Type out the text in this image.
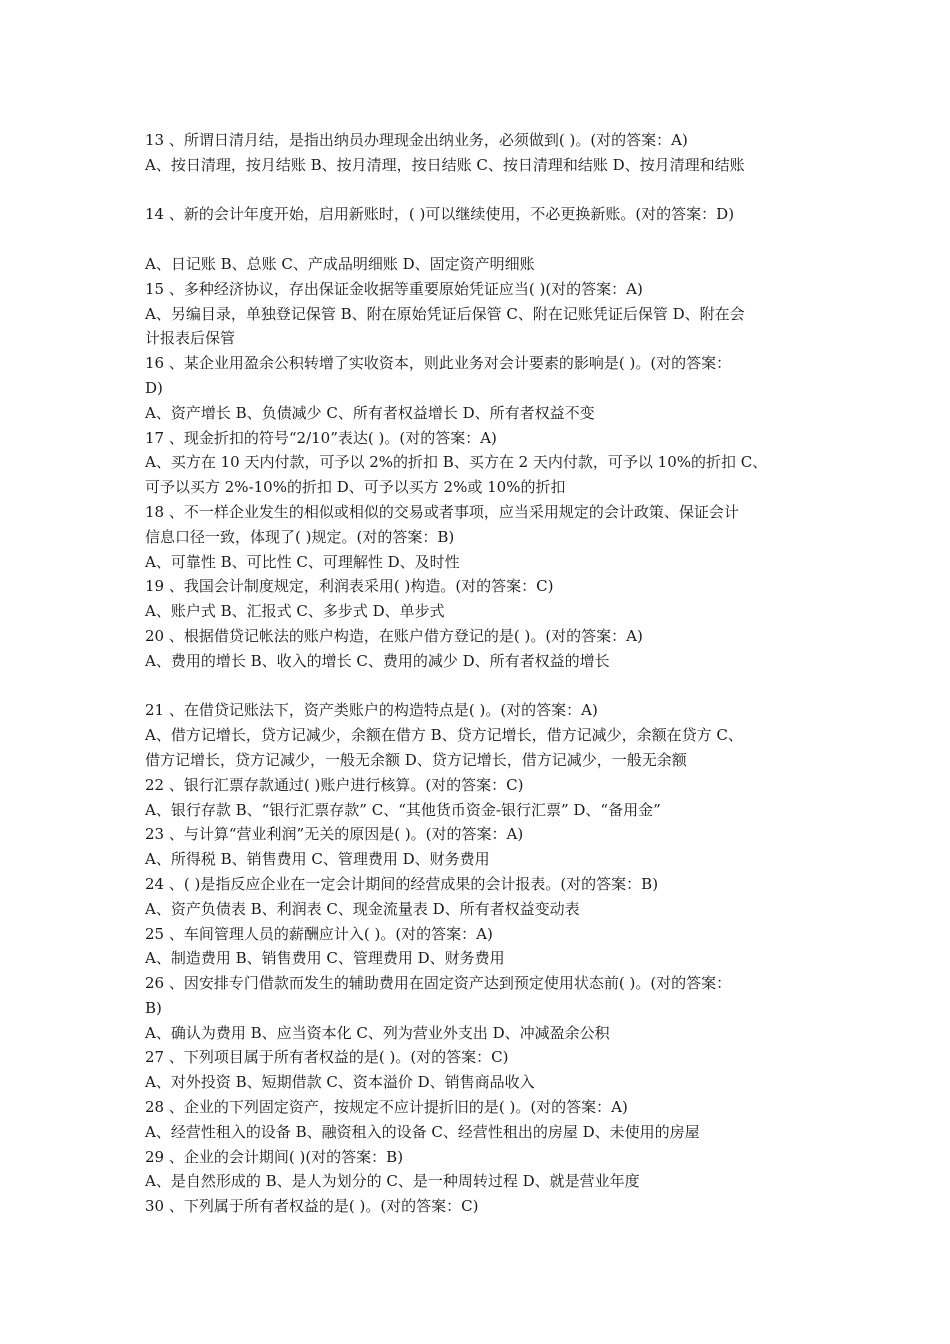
13 、所谓日清月结，是指出纳员办理现金出纳业务，必须做到( )。(对的答案：A)
A、按日清理，按月结账 B、按月清理，按日结账 C、按日清理和结账 D、按月清理和结账
14 、新的会计年度开始，启用新账时，( )可以继续使用，不必更换新账。(对的答案：D)
A、日记账 B、总账 C、产成品明细账 D、固定资产明细账
15 、多种经济协议，存出保证金收据等重要原始凭证应当( )(对的答案：A)
A、另编目录，单独登记保管 B、附在原始凭证后保管 C、附在记账凭证后保管 D、附在会
计报表后保管
16 、某企业用盈余公积转增了实收资本，则此业务对会计要素的影响是( )。(对的答案：
D)
A、资产增长 B、负债减少 C、所有者权益增长 D、所有者权益不变
17 、现金折扣的符号“2/10”表达( )。(对的答案：A)
A、买方在 10 天内付款，可予以 2%的折扣 B、买方在 2 天内付款，可予以 10%的折扣 C、
可予以买方 2%-10%的折扣 D、可予以买方 2%或 10%的折扣
18 、不一样企业发生的相似或相似的交易或者事项，应当采用规定的会计政策、保证会计
信息口径一致，体现了( )规定。(对的答案：B)
A、可靠性 B、可比性 C、可理解性 D、及时性
19 、我国会计制度规定，利润表采用( )构造。(对的答案：C)
A、账户式 B、汇报式 C、多步式 D、单步式
20 、根据借贷记帐法的账户构造，在账户借方登记的是( )。(对的答案：A)
A、费用的增长 B、收入的增长 C、费用的减少 D、所有者权益的增长
21 、在借贷记账法下，资产类账户的构造特点是( )。(对的答案：A)
A、借方记增长，贷方记减少，余额在借方 B、贷方记增长，借方记减少，余额在贷方 C、
借方记增长，贷方记减少，一般无余额 D、贷方记增长，借方记减少，一般无余额
22 、银行汇票存款通过( )账户进行核算。(对的答案：C)
A、银行存款 B、“银行汇票存款” C、“其他货币资金-银行汇票” D、“备用金”
23 、与计算“营业利润”无关的原因是( )。(对的答案：A)
A、所得税 B、销售费用 C、管理费用 D、财务费用
24 、( )是指反应企业在一定会计期间的经营成果的会计报表。(对的答案：B)
A、资产负债表 B、利润表 C、现金流量表 D、所有者权益变动表
25 、车间管理人员的薪酬应计入( )。(对的答案：A)
A、制造费用 B、销售费用 C、管理费用 D、财务费用
26 、因安排专门借款而发生的辅助费用在固定资产达到预定使用状态前( )。(对的答案：
B)
A、确认为费用 B、应当资本化 C、列为营业外支出 D、冲减盈余公积
27 、下列项目属于所有者权益的是( )。(对的答案：C)
A、对外投资 B、短期借款 C、资本溢价 D、销售商品收入
28 、企业的下列固定资产，按规定不应计提折旧的是( )。(对的答案：A)
A、经营性租入的设备 B、融资租入的设备 C、经营性租出的房屋 D、未使用的房屋
29 、企业的会计期间( )(对的答案：B)
A、是自然形成的 B、是人为划分的 C、是一种周转过程 D、就是营业年度
30 、下列属于所有者权益的是( )。(对的答案：C)
